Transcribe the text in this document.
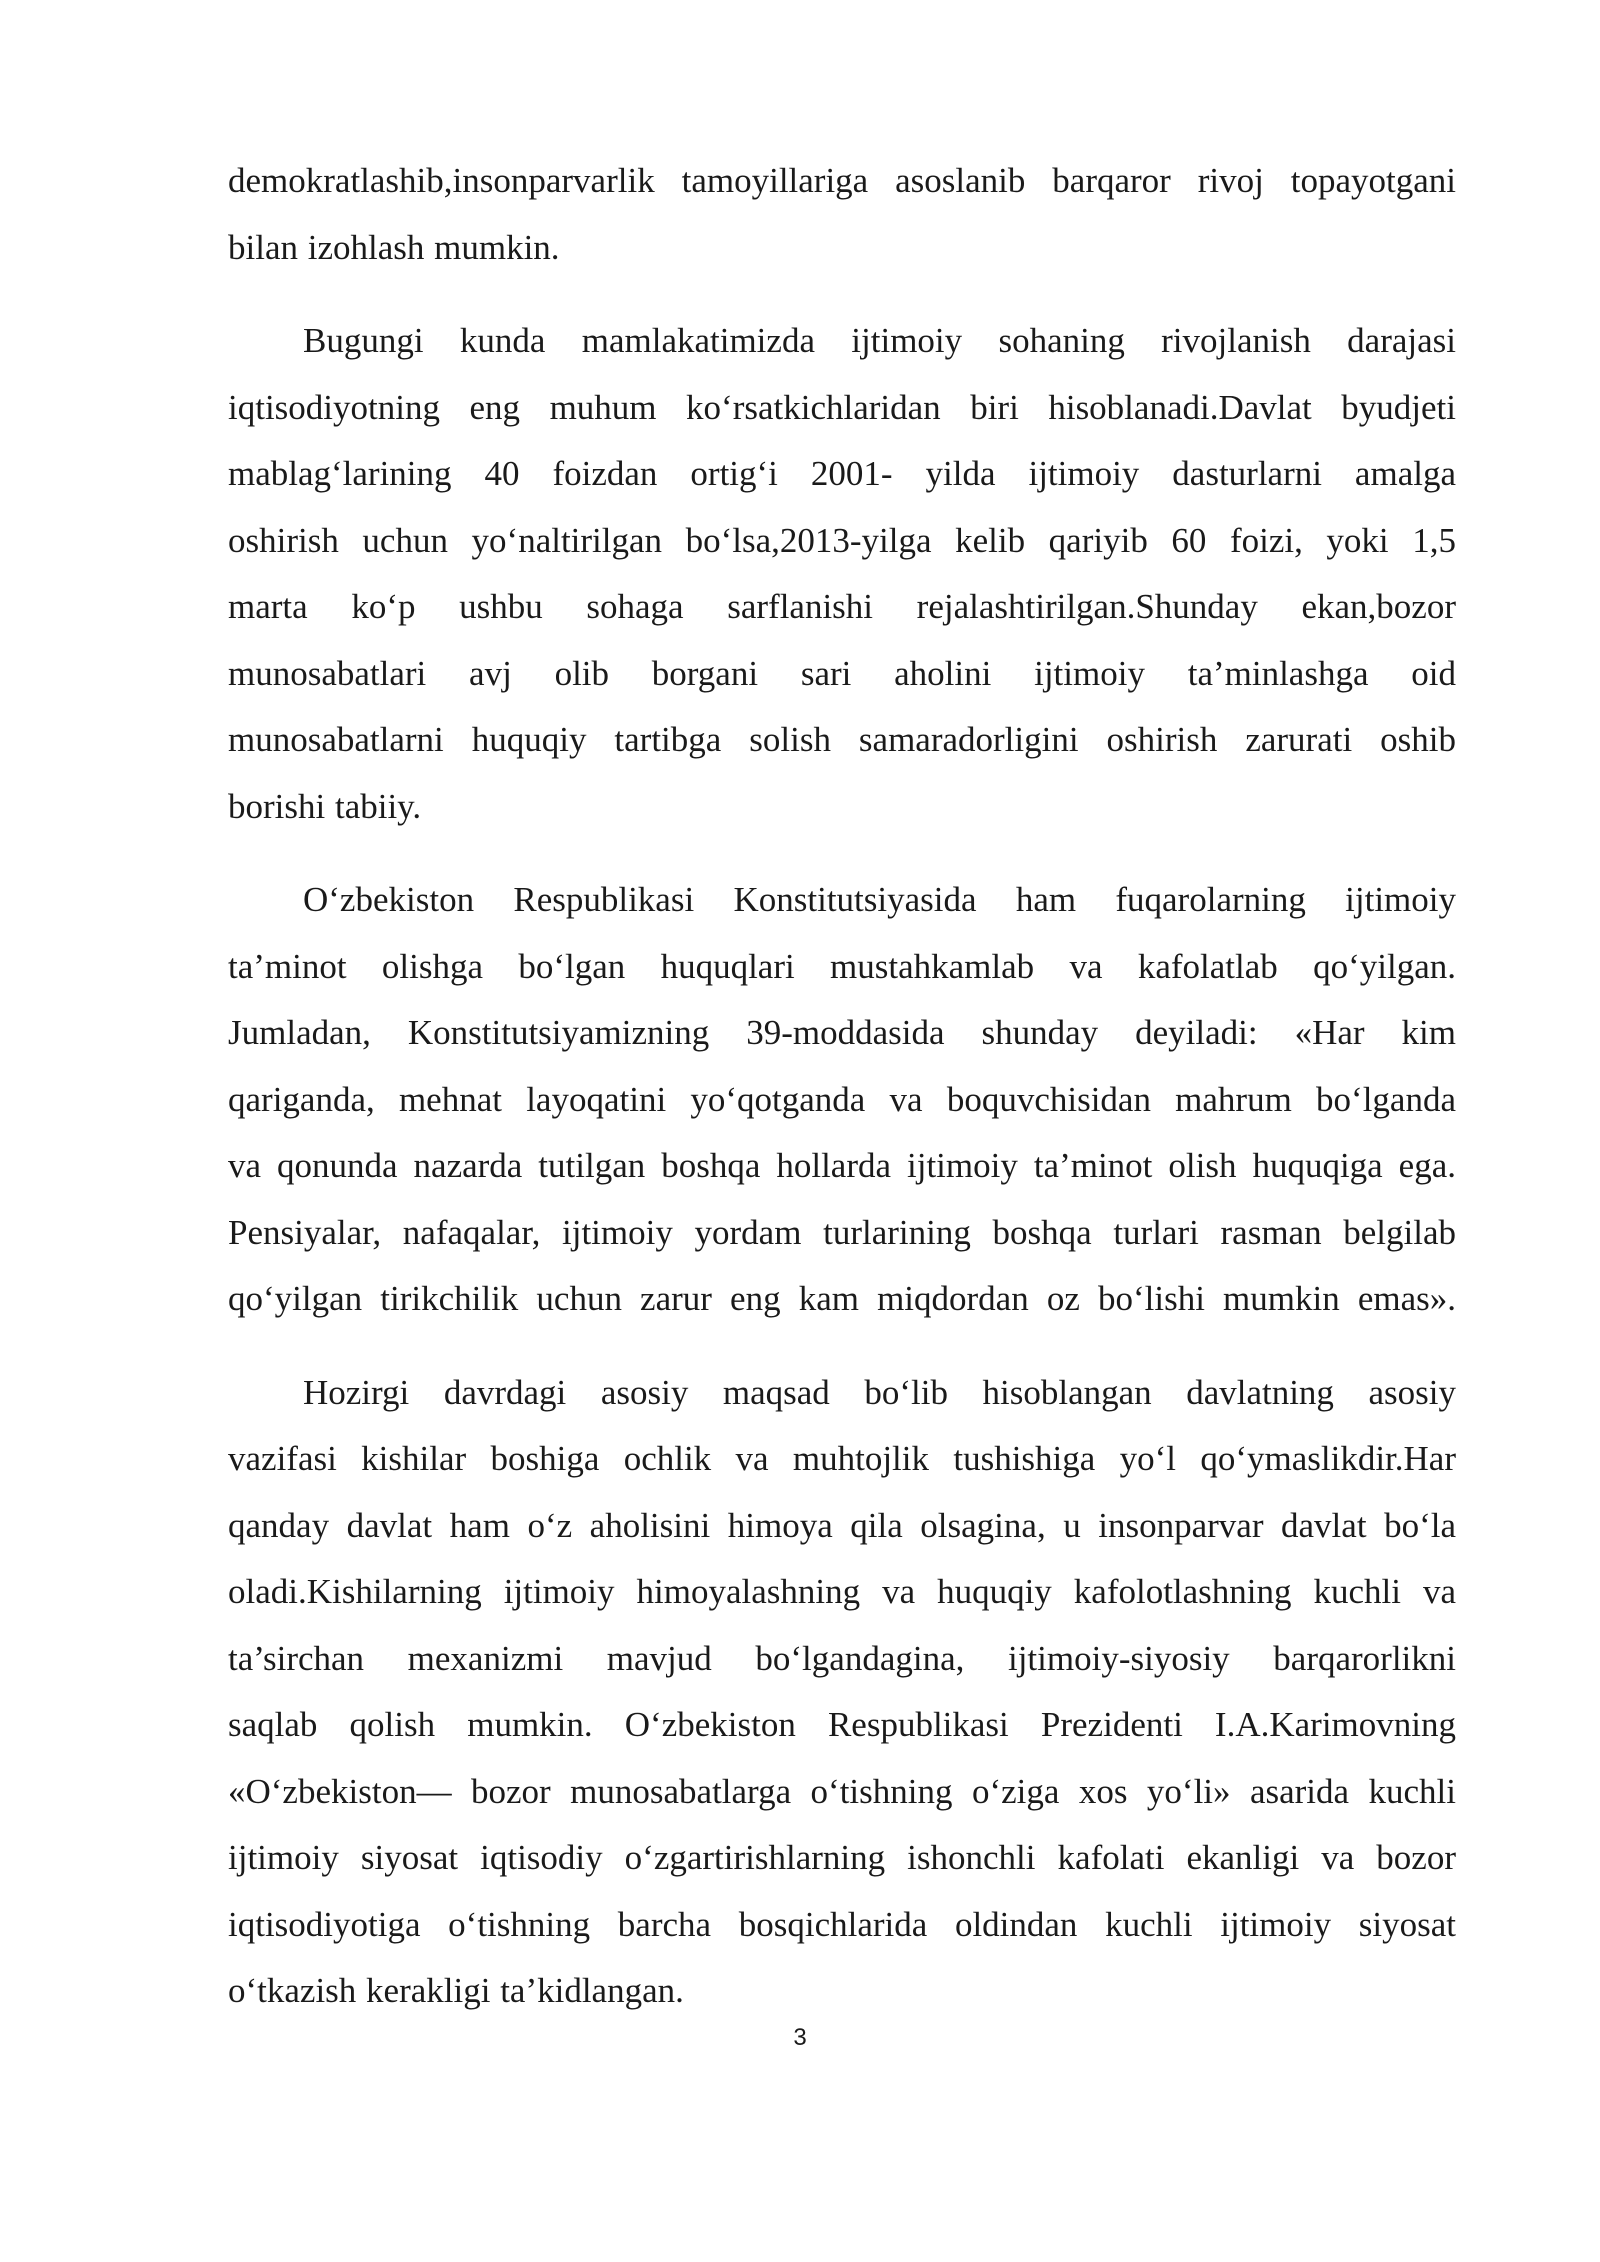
demokratlashib,insonparvarlik tamoyillariga asoslanib barqaror rivoj topayotgani
bilan izohlash mumkin.
Bugungi kunda mamlakatimizda ijtimoiy sohaning rivojlanish darajasi
iqtisodiyotning eng muhum ko‘rsatkichlaridan biri hisoblanadi.Davlat byudjeti
mablag‘larining 40 foizdan ortig‘i 2001- yilda ijtimoiy dasturlarni amalga
oshirish uchun yo‘naltirilgan bo‘lsa,2013-yilga kelib qariyib 60 foizi, yoki 1,5
marta ko‘p ushbu sohaga sarflanishi rejalashtirilgan.Shunday ekan,bozor
munosabatlari avj olib borgani sari aholini ijtimoiy ta’minlashga oid
munosabatlarni huquqiy tartibga solish samaradorligini oshirish zarurati oshib
borishi tabiiy.
O‘zbekiston Respublikasi Konstitutsiyasida ham fuqarolarning ijtimoiy
ta’minot olishga bo‘lgan huquqlari mustahkamlab va kafolatlab qo‘yilgan.
Jumladan, Konstitutsiyamizning 39-moddasida shunday deyiladi: «Har kim
qariganda, mehnat layoqatini yo‘qotganda va boquvchisidan mahrum bo‘lganda
va qonunda nazarda tutilgan boshqa hollarda ijtimoiy ta’minot olish huquqiga ega.
Pensiyalar, nafaqalar, ijtimoiy yordam turlarining boshqa turlari rasman belgilab
qo‘yilgan tirikchilik uchun zarur eng kam miqdordan oz bo‘lishi mumkin emas».
Hozirgi davrdagi asosiy maqsad bo‘lib hisoblangan davlatning asosiy
vazifasi kishilar boshiga ochlik va muhtojlik tushishiga yo‘l qo‘ymaslikdir.Har
qanday davlat ham o‘z aholisini himoya qila olsagina, u insonparvar davlat bo‘la
oladi.Kishilarning ijtimoiy himoyalashning va huquqiy kafolotlashning kuchli va
ta’sirchan mexanizmi mavjud bo‘lgandagina, ijtimoiy-siyosiy barqarorlikni
saqlab qolish mumkin. O‘zbekiston Respublikasi Prezidenti I.A.Karimovning
«O‘zbekiston— bozor munosabatlarga o‘tishning o‘ziga xos yo‘li» asarida kuchli
ijtimoiy siyosat iqtisodiy o‘zgartirishlarning ishonchli kafolati ekanligi va bozor
iqtisodiyotiga o‘tishning barcha bosqichlarida oldindan kuchli ijtimoiy siyosat
o‘tkazish kerakligi ta’kidlangan.
3
